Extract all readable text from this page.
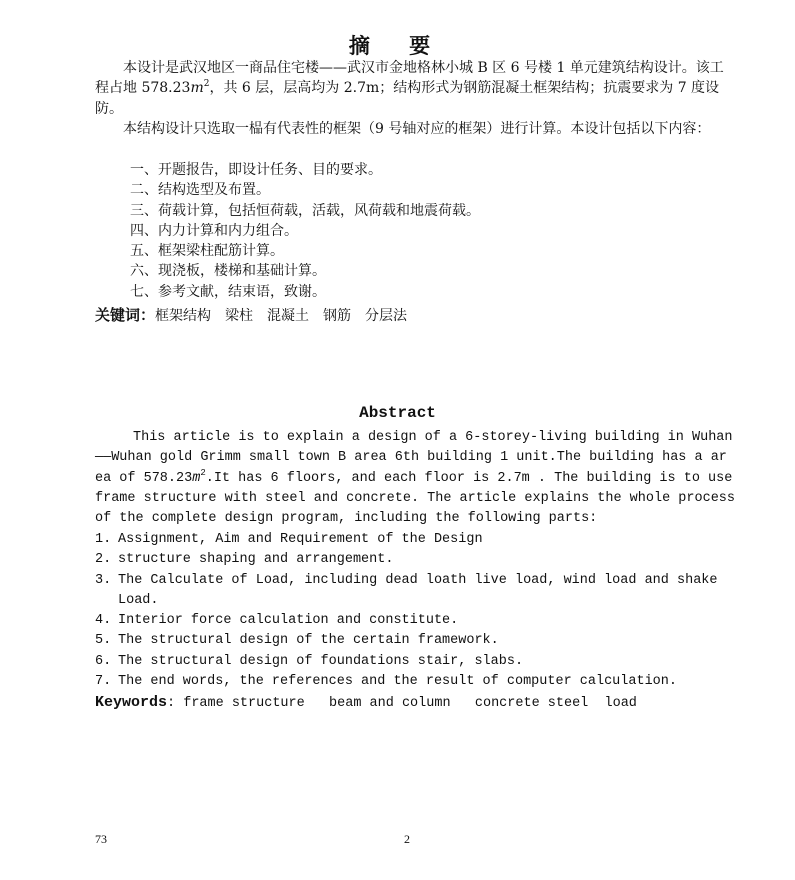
摘 要

本设计是武汉地区一商品住宅楼——武汉市金地格林小城 B 区 6 号楼 1 单元建筑结构设计。该工程占地 $578.23m^2$，共 6 层，层高均为 2.7m；结构形式为钢筋混凝土框架结构；抗震要求为 7 度设防。

本结构设计只选取一榀有代表性的框架（9 号轴对应的框架）进行计算。本设计包括以下内容：

一、开题报告，即设计任务、目的要求。
二、结构选型及布置。
三、荷载计算，包括恒荷载，活载，风荷载和地震荷载。
四、内力计算和内力组合。
五、框架梁柱配筋计算。
六、现浇板，楼梯和基础计算。
七、参考文献，结束语，致谢。
关键词：框架结构　梁柱　混凝土　钢筋　分层法
Abstract
This article is to explain a design of a 6-storey-living building in Wuhan
——Wuhan gold Grimm small town B area 6th building 1 unit.The building has a ar
ea of $578.23m^2.It$ has 6 floors, and each floor is 2.7m . The building is to use
frame structure with steel and concrete. The article explains the whole process
of the complete design program, including the following parts:
1. Assignment, Aim and Requirement of the Design
2. structure shaping and arrangement.
3. The Calculate of Load, including dead loath live load, wind load and shake Load.
4. Interior force calculation and constitute.
5. The structural design of the certain framework.
6. The structural design of foundations stair, slabs.
7. The end words, the references and the result of computer calculation.
Keywords: frame structure   beam and column   concrete steel  load
73	2
